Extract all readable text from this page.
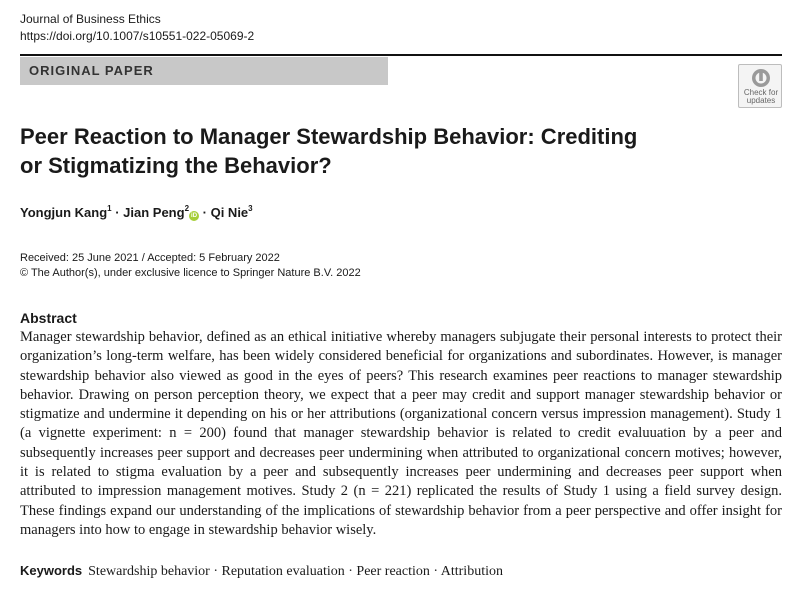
Journal of Business Ethics
https://doi.org/10.1007/s10551-022-05069-2
ORIGINAL PAPER
Check for updates
Peer Reaction to Manager Stewardship Behavior: Crediting or Stigmatizing the Behavior?
Yongjun Kang$^1$ · Jian Peng$^2$iD · Qi Nie$^3$
Received: 25 June 2021 / Accepted: 5 February 2022
© The Author(s), under exclusive licence to Springer Nature B.V. 2022
Abstract
Manager stewardship behavior, defined as an ethical initiative whereby managers subjugate their personal interests to protect their organization’s long-term welfare, has been widely considered beneficial for organizations and subordinates. However, is manager stewardship behavior also viewed as good in the eyes of peers? This research examines peer reactions to manager stewardship behavior. Drawing on person perception theory, we expect that a peer may credit and support manager stewardship behavior or stigmatize and undermine it depending on his or her attributions (organizational concern versus impression management). Study 1 (a vignette experiment: n = 200) found that manager stewardship behavior is related to credit evaluuation by a peer and subsequently increases peer support and decreases peer undermining when attributed to organizational concern motives; however, it is related to stigma evaluation by a peer and subsequently increases peer undermining and decreases peer support when attributed to impression management motives. Study 2 (n = 221) replicated the results of Study 1 using a field survey design. These findings expand our understanding of the implications of stewardship behavior from a peer perspective and offer insight for managers into how to engage in stewardship behavior wisely.
Keywords Stewardship behavior · Reputation evaluation · Peer reaction · Attribution
